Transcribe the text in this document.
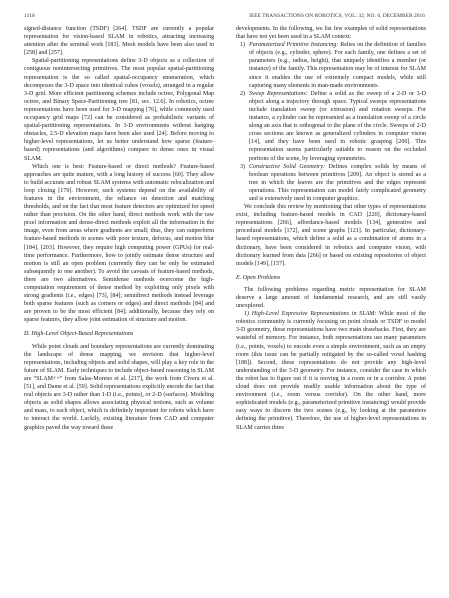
1318	IEEE TRANSACTIONS ON ROBOTICS, VOL. 32, NO. 6, DECEMBER 2016

signed-distance function (TSDF) [264]. TSDF are currently a popular representation for vision-based SLAM in robotics, attracting increasing attention after the seminal work [183]. Mesh models have been also used in [258] and [257].

Spatial-partitioning representations define 3-D objects as a collection of contiguous nonintersecting primitives. The most popular spatial-partitioning representation is the so called spatial-occupancy enumeration, which decomposes the 3-D space into identical cubes (voxels), arranged in a regular 3-D grid. More efficient partitioning schemes include octree, Polygonal Map octree, and Binary Space-Partitioning tree [81, sec. 12.6]. In robotics, octree representations have been used for 3-D mapping [76], while commonly used occupancy grid maps [72] can be considered as probabilistic variants of spatial-partitioning representations. In 3-D environments without hanging obstacles, 2.5-D elevation maps have been also used [24]. Before moving to higher-level representations, let us better understand how sparse (feature-based) representations (and algorithms) compare to dense ones in visual SLAM.

Which one is best: Feature-based or direct methods? Feature-based approaches are quite mature, with a long history of success [60]. They allow to build accurate and robust SLAM systems with automatic relocalization and loop closing [179]. However, such systems depend on the availability of features in the environment, the reliance on detection and matching thresholds, and on the fact that most feature detectors are optimized for speed rather than precision. On the other hand, direct methods work with the raw pixel information and dense-direct methods exploit all the information in the image, even from areas where gradients are small; thus, they can outperform feature-based methods in scenes with poor texture, defocus, and motion blur [184], [203]. However, they require high computing power (GPUs) for real-time performance. Furthermore, how to jointly estimate dense structure and motion is still an open problem (currently they can be only be estimated subsequently to one another). To avoid the caveats of feature-based methods, there are two alternatives. Semidense methods overcome the high-computation requirement of dense method by exploiting only pixels with strong gradients (i.e., edges) [73], [84]; semidirect methods instead leverage both sparse features (such as corners or edges) and direct methods [84] and are proven to be the most efficient [84]; additionally, because they rely on sparse features, they allow joint estimation of structure and motion.

D. High-Level Object-Based Representations

While point clouds and boundary representations are currently dominating the landscape of dense mapping, we envision that higher-level representations, including objects and solid shapes, will play a key role in the future of SLAM. Early techniques to include object-based reasoning in SLAM are “SLAM++” from Salas-Moreno et al. [217], the work from Civera et al. [51], and Dame et al. [59]. Solid representations explicitly encode the fact that real objects are 3-D rather than 1-D (i.e., points), or 2-D (surfaces). Modeling objects as solid shapes allows associating physical notions, such as volume and mass, to each object, which is definitely important for robots which have to interact the world. Luckily, existing literature from CAD and computer graphics paved the way toward these

developments. In the following, we list few examples of solid representations that have not yet been used in a SLAM context:

1) Parameterized Primitive Instancing: Relies on the definition of families of objects (e.g., cylinder, sphere). For each family, one defines a set of parameters (e.g., radius, height), that uniquely identifies a member (or instance) of the family. This representation may be of interest for SLAM since it enables the use of extremely compact models, while still capturing many elements in man-made environments.
2) Sweep Representations: Define a solid as the sweep of a 2-D or 3-D object along a trajectory through space. Typical sweeps representations include translation sweep (or extrusion) and rotation sweeps. For instance, a cylinder can be represented as a translation sweep of a circle along an axis that is orthogonal to the plane of the circle. Sweeps of 2-D cross sections are known as generalized cylinders in computer vision [14], and they have been used in robotic grasping [200]. This representation seems particularly suitable to reason on the occluded portions of the scene, by leveraging symmetries.
3) Constructive Solid Geometry: Defines complex solids by means of boolean operations between primitives [209]. An object is stored as a tree in which the leaves are the primitives and the edges represent operations. This representation can model fairly complicated geometry and is extensively used in computer graphics.

We conclude this review by mentioning that other types of representations exist, including feature-based models in CAD [220], dictionary-based representations [266], affordance-based models [134], generative and procedural models [172], and scene graphs [121]. In particular, dictionary-based representations, which define a solid as a combination of atoms in a dictionary, have been considered in robotics and computer vision, with dictionary learned from data [266] or based on existing repositories of object models [149], [157].

E. Open Problems

The following problems regarding metric representation for SLAM deserve a large amount of fundamental research, and are still vastly unexplored.

1) High-Level Expressive Representations in SLAM: While most of the robotics community is currently focusing on point clouds or TSDF to model 3-D geometry, these representations have two main drawbacks. First, they are wasteful of memory. For instance, both representations use many parameters (i.e., points, voxels) to encode even a simple environment, such as an empty room (this issue can be partially mitigated by the so-called voxel hashing [188]). Second, these representations do not provide any high-level understanding of the 3-D geometry. For instance, consider the case in which the robot has to figure out if it is moving in a room or in a corridor. A point cloud does not provide readily usable information about the type of environment (i.e., room versus corridor). On the other hand, more sophisticated models (e.g., parameterized primitive instancing) would provide easy ways to discern the two scenes (e.g., by looking at the parameters defining the primitive). Therefore, the use of higher-level representations in SLAM carries three
